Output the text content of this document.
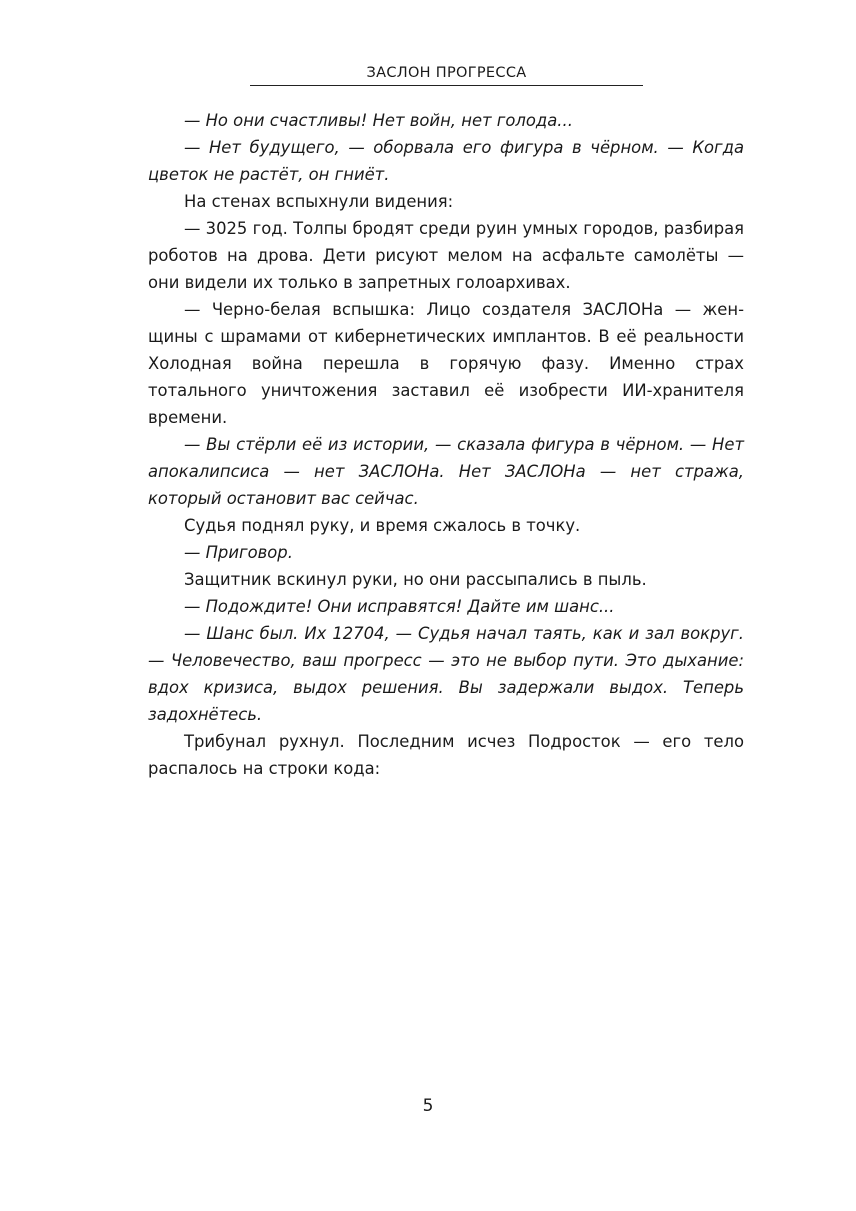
ЗАСЛОН ПРОГРЕССА

— Но они счастливы! Нет войн, нет голода...

— Нет будущего, — оборвала его фигура в чёрном. — Когда цветок не растёт, он гниёт.

На стенах вспыхнули видения:

— 3025 год. Толпы бродят среди руин умных городов, разбирая роботов на дрова. Дети рисуют мелом на асфальте самолёты — они видели их только в запретных голоархивах.

— Черно-белая вспышка: Лицо создателя ЗАСЛОНа — женщины с шрамами от кибернетических имплантов. В её реальности Холодная война перешла в горячую фазу. Именно страх тотального уничтожения заставил её изобрести ИИ-хранителя времени.

— Вы стёрли её из истории, — сказала фигура в чёрном. — Нет апокалипсиса — нет ЗАСЛОНа. Нет ЗАСЛОНа — нет стража, который остановит вас сейчас.

Судья поднял руку, и время сжалось в точку.

— Приговор.

Защитник вскинул руки, но они рассыпались в пыль.

— Подождите! Они исправятся! Дайте им шанс...

— Шанс был. Их 12704, — Судья начал таять, как и зал вокруг. — Человечество, ваш прогресс — это не выбор пути. Это дыхание: вдох кризиса, выдох решения. Вы задержали выдох. Теперь задохнётесь.

Трибунал рухнул. Последним исчез Подросток — его тело распалось на строки кода:

5
